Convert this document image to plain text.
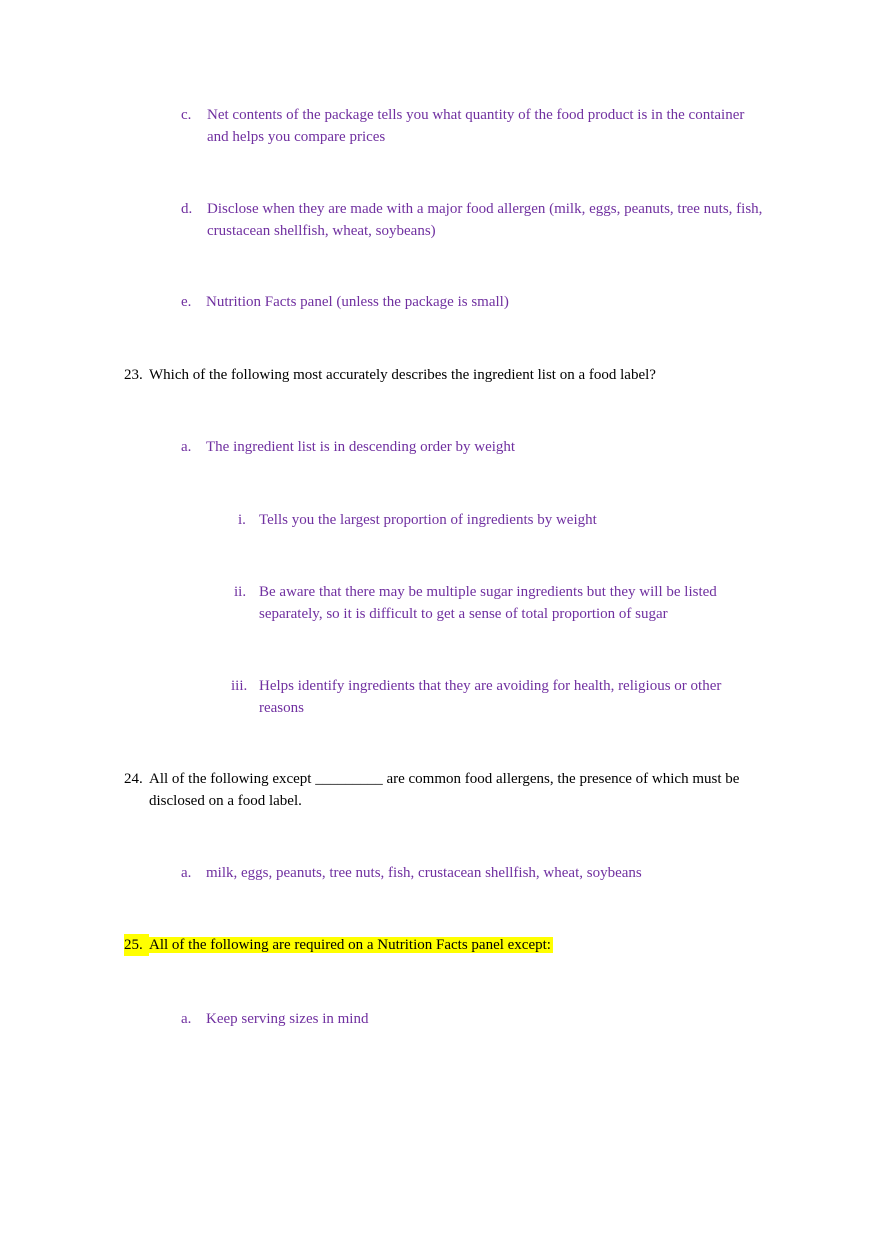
c.	Net contents of the package tells you what quantity of the food product is in the container and helps you compare prices
d. Disclose when they are made with a major food allergen (milk, eggs, peanuts, tree nuts, fish, crustacean shellfish, wheat, soybeans)
e. Nutrition Facts panel (unless the package is small)
23. Which of the following most accurately describes the ingredient list on a food label?
a. The ingredient list is in descending order by weight
i. Tells you the largest proportion of ingredients by weight
ii. Be aware that there may be multiple sugar ingredients but they will be listed separately, so it is difficult to get a sense of total proportion of sugar
iii. Helps identify ingredients that they are avoiding for health, religious or other reasons
24. All of the following except _________ are common food allergens, the presence of which must be disclosed on a food label.
a. milk, eggs, peanuts, tree nuts, fish, crustacean shellfish, wheat, soybeans
25. All of the following are required on a Nutrition Facts panel except:
a. Keep serving sizes in mind
